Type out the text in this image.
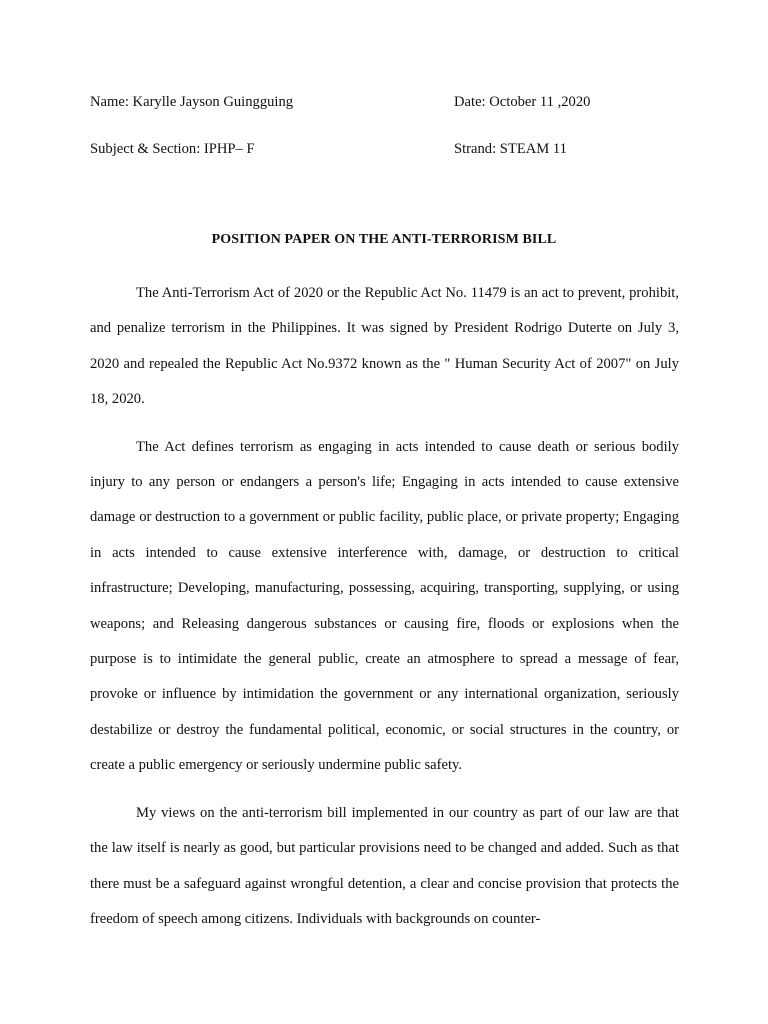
Name: Karylle Jayson Guingguing	Date: October 11 ,2020
Subject & Section: IPHP– F	Strand: STEAM 11
POSITION PAPER ON THE ANTI-TERRORISM BILL

The Anti-Terrorism Act of 2020 or the Republic Act No. 11479 is an act to prevent, prohibit, and penalize terrorism in the Philippines. It was signed by President Rodrigo Duterte on July 3, 2020 and repealed the Republic Act No.9372 known as the " Human Security Act of 2007" on July 18, 2020.

The Act defines terrorism as engaging in acts intended to cause death or serious bodily injury to any person or endangers a person's life; Engaging in acts intended to cause extensive damage or destruction to a government or public facility, public place, or private property; Engaging in acts intended to cause extensive interference with, damage, or destruction to critical infrastructure; Developing, manufacturing, possessing, acquiring, transporting, supplying, or using weapons; and Releasing dangerous substances or causing fire, floods or explosions when the purpose is to intimidate the general public, create an atmosphere to spread a message of fear, provoke or influence by intimidation the government or any international organization, seriously destabilize or destroy the fundamental political, economic, or social structures in the country, or create a public emergency or seriously undermine public safety.

My views on the anti-terrorism bill implemented in our country as part of our law are that the law itself is nearly as good, but particular provisions need to be changed and added. Such as that there must be a safeguard against wrongful detention, a clear and concise provision that protects the freedom of speech among citizens. Individuals with backgrounds on counter-
